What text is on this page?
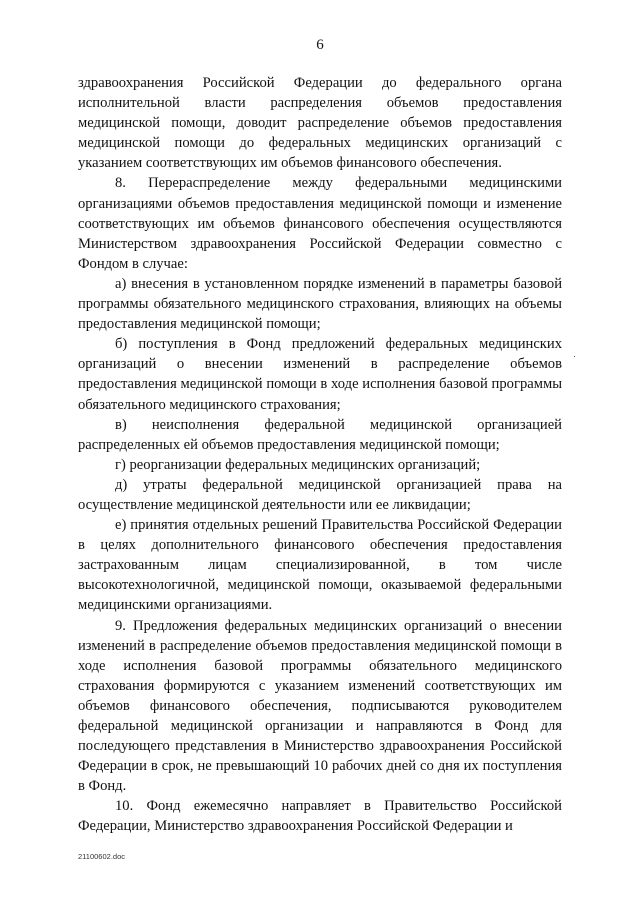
6

здравоохранения Российской Федерации до федерального органа исполнительной власти распределения объемов предоставления медицинской помощи, доводит распределение объемов предоставления медицинской помощи до федеральных медицинских организаций с указанием соответствующих им объемов финансового обеспечения.

8. Перераспределение между федеральными медицинскими организациями объемов предоставления медицинской помощи и изменение соответствующих им объемов финансового обеспечения осуществляются Министерством здравоохранения Российской Федерации совместно с Фондом в случае:

а) внесения в установленном порядке изменений в параметры базовой программы обязательного медицинского страхования, влияющих на объемы предоставления медицинской помощи;

б) поступления в Фонд предложений федеральных медицинских организаций о внесении изменений в распределение объемов предоставления медицинской помощи в ходе исполнения базовой программы обязательного медицинского страхования;

в) неисполнения федеральной медицинской организацией распределенных ей объемов предоставления медицинской помощи;

г) реорганизации федеральных медицинских организаций;

д) утраты федеральной медицинской организацией права на осуществление медицинской деятельности или ее ликвидации;

е) принятия отдельных решений Правительства Российской Федерации в целях дополнительного финансового обеспечения предоставления застрахованным лицам специализированной, в том числе высокотехнологичной, медицинской помощи, оказываемой федеральными медицинскими организациями.

9. Предложения федеральных медицинских организаций о внесении изменений в распределение объемов предоставления медицинской помощи в ходе исполнения базовой программы обязательного медицинского страхования формируются с указанием изменений соответствующих им объемов финансового обеспечения, подписываются руководителем федеральной медицинской организации и направляются в Фонд для последующего представления в Министерство здравоохранения Российской Федерации в срок, не превышающий 10 рабочих дней со дня их поступления в Фонд.

10. Фонд ежемесячно направляет в Правительство Российской Федерации, Министерство здравоохранения Российской Федерации и

21100602.doc
